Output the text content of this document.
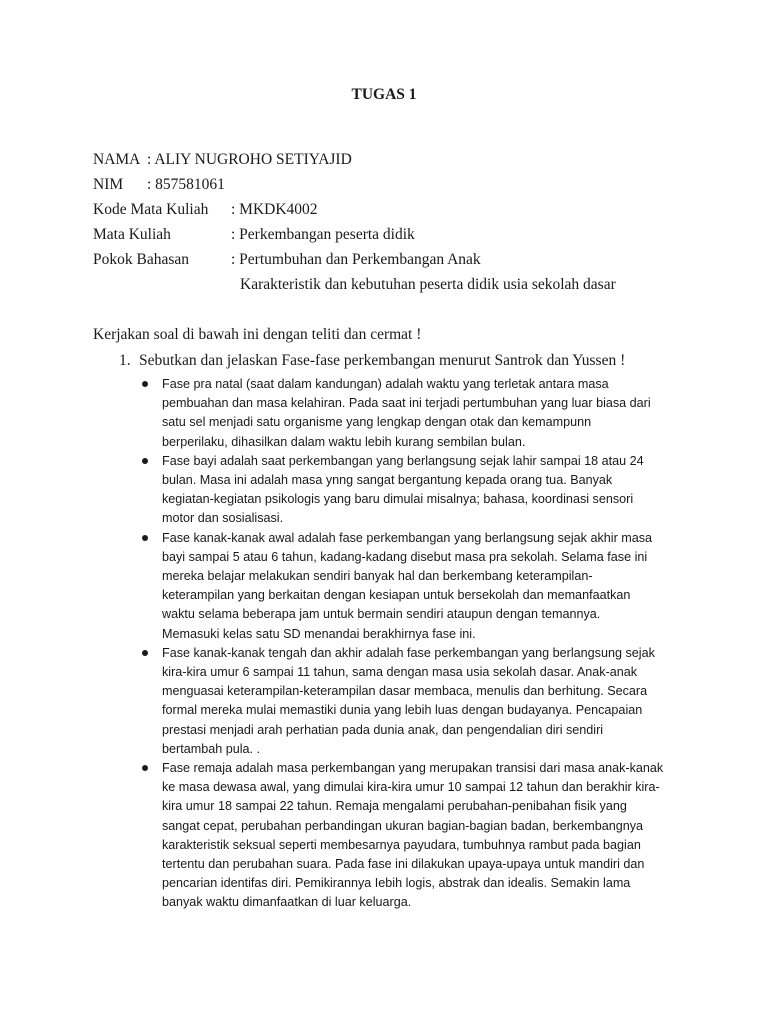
TUGAS 1
NAMA : ALIY NUGROHO SETIYAJID
NIM : 857581061
Kode Mata Kuliah : MKDK4002
Mata Kuliah	: Perkembangan peserta didik
Pokok Bahasan	: Pertumbuhan dan Perkembangan Anak
Karakteristik dan kebutuhan peserta didik usia sekolah dasar
Kerjakan soal di bawah ini dengan teliti dan cermat !
1. Sebutkan dan jelaskan Fase-fase perkembangan menurut Santrok dan Yussen !
Fase pra natal (saat dalam kandungan) adalah waktu yang terletak antara masa
pembuahan dan masa kelahiran. Pada saat ini terjadi pertumbuhan yang luar biasa dari
satu sel menjadi satu organisme yang lengkap dengan otak dan kemampunn
berperilaku, dihasilkan dalam waktu lebih kurang sembilan bulan.
Fase bayi adalah saat perkembangan yang berlangsung sejak lahir sampai 18 atau 24
bulan. Masa ini adalah masa ynng sangat bergantung kepada orang tua. Banyak
kegiatan-kegiatan psikologis yang baru dimulai misalnya; bahasa, koordinasi sensori
motor dan sosialisasi.
Fase kanak-kanak awal adalah fase perkembangan yang berlangsung sejak akhir masa
bayi sampai 5 atau 6 tahun, kadang-kadang disebut masa pra sekolah. Selama fase ini
mereka belajar melakukan sendiri banyak hal dan berkembang keterampilan-
keterampilan yang berkaitan dengan kesiapan untuk bersekolah dan memanfaatkan
waktu selama beberapa jam untuk bermain sendiri ataupun dengan temannya.
Memasuki kelas satu SD menandai berakhirnya fase ini.
Fase kanak-kanak tengah dan akhir adalah fase perkembangan yang berlangsung sejak
kira-kira umur 6 sampai 11 tahun, sama dengan masa usia sekolah dasar. Anak-anak
menguasai keterampilan-keterampilan dasar membaca, menulis dan berhitung. Secara
formal mereka mulai memastiki dunia yang lebih luas dengan budayanya. Pencapaian
prestasi menjadi arah perhatian pada dunia anak, dan pengendalian diri sendiri
bertambah pula. .
Fase remaja adalah masa perkembangan yang merupakan transisi dari masa anak-kanak
ke masa dewasa awal, yang dimulai kira-kira umur 10 sampai 12 tahun dan berakhir kira-
kira umur 18 sampai 22 tahun. Remaja mengalami perubahan-penibahan fisik yang
sangat cepat, perubahan perbandingan ukuran bagian-bagian badan, berkembangnya
karakteristik seksual seperti membesarnya payudara, tumbuhnya rambut pada bagian
tertentu dan perubahan suara. Pada fase ini dilakukan upaya-upaya untuk mandiri dan
pencarian identifas diri. Pemikirannya Iebih logis, abstrak dan idealis. Semakin lama
banyak waktu dimanfaatkan di luar keluarga.
